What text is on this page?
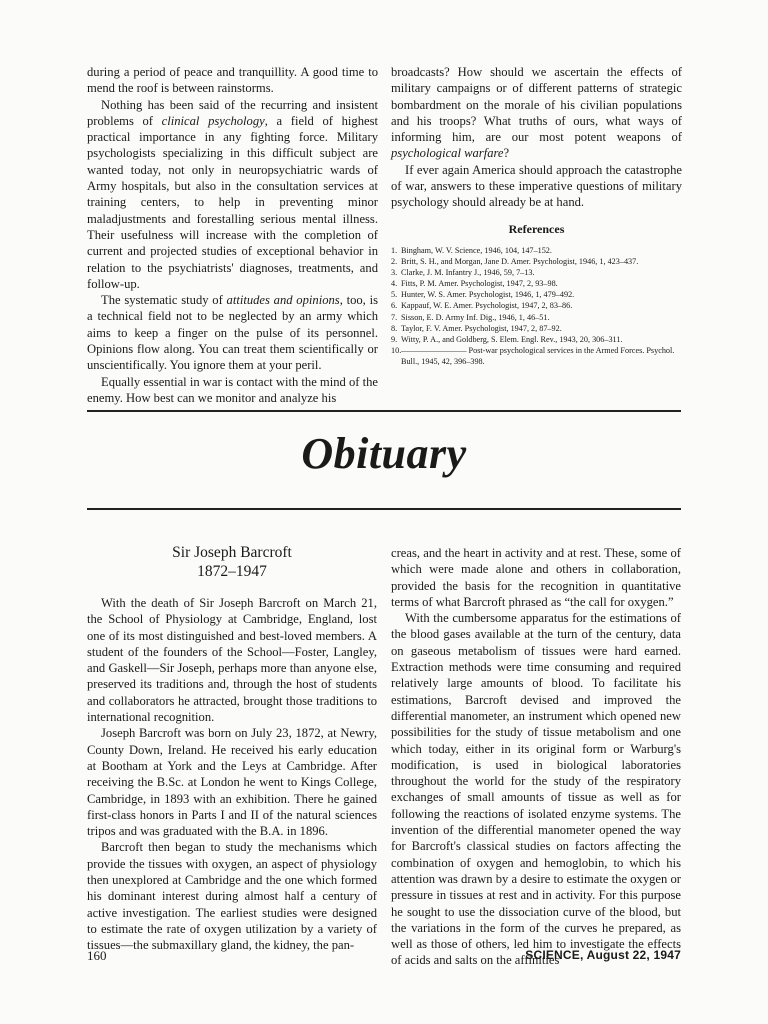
during a period of peace and tranquillity. A good time to mend the roof is between rainstorms.

Nothing has been said of the recurring and insistent problems of clinical psychology, a field of highest practical importance in any fighting force. Military psychologists specializing in this difficult subject are wanted today, not only in neuropsychiatric wards of Army hospitals, but also in the consultation services at training centers, to help in preventing minor maladjustments and forestalling serious mental illness. Their usefulness will increase with the completion of current and projected studies of exceptional behavior in relation to the psychiatrists' diagnoses, treatments, and follow-up.

The systematic study of attitudes and opinions, too, is a technical field not to be neglected by an army which aims to keep a finger on the pulse of its personnel. Opinions flow along. You can treat them scientifically or unscientifically. You ignore them at your peril.

Equally essential in war is contact with the mind of the enemy. How best can we monitor and analyze his

broadcasts? How should we ascertain the effects of military campaigns or of different patterns of strategic bombardment on the morale of his civilian populations and his troops? What truths of ours, what ways of informing him, are our most potent weapons of psychological warfare?

If ever again America should approach the catastrophe of war, answers to these imperative questions of military psychology should already be at hand.

References
1. Bingham, W. V. Science, 1946, 104, 147–152.
2. Britt, S. H., and Morgan, Jane D. Amer. Psychologist, 1946, 1, 423–437.
3. Clarke, J. M. Infantry J., 1946, 59, 7–13.
4. Fitts, P. M. Amer. Psychologist, 1947, 2, 93–98.
5. Hunter, W. S. Amer. Psychologist, 1946, 1, 479–492.
6. Kappauf, W. E. Amer. Psychologist, 1947, 2, 83–86.
7. Sisson, E. D. Army Inf. Dig., 1946, 1, 46–51.
8. Taylor, F. V. Amer. Psychologist, 1947, 2, 87–92.
9. Witty, P. A., and Goldberg, S. Elem. Engl. Rev., 1943, 20, 306–311.
10. ———————— Post-war psychological services in the Armed Forces. Psychol. Bull., 1945, 42, 396–398.
Obituary
Sir Joseph Barcroft
1872–1947

With the death of Sir Joseph Barcroft on March 21, the School of Physiology at Cambridge, England, lost one of its most distinguished and best-loved members. A student of the founders of the School—Foster, Langley, and Gaskell—Sir Joseph, perhaps more than anyone else, preserved its traditions and, through the host of students and collaborators he attracted, brought those traditions to international recognition.

Joseph Barcroft was born on July 23, 1872, at Newry, County Down, Ireland. He received his early education at Bootham at York and the Leys at Cambridge. After receiving the B.Sc. at London he went to Kings College, Cambridge, in 1893 with an exhibition. There he gained first-class honors in Parts I and II of the natural sciences tripos and was graduated with the B.A. in 1896.

Barcroft then began to study the mechanisms which provide the tissues with oxygen, an aspect of physiology then unexplored at Cambridge and the one which formed his dominant interest during almost half a century of active investigation. The earliest studies were designed to estimate the rate of oxygen utilization by a variety of tissues—the submaxillary gland, the kidney, the pan-

creas, and the heart in activity and at rest. These, some of which were made alone and others in collaboration, provided the basis for the recognition in quantitative terms of what Barcroft phrased as “the call for oxygen.”

With the cumbersome apparatus for the estimations of the blood gases available at the turn of the century, data on gaseous metabolism of tissues were hard earned. Extraction methods were time consuming and required relatively large amounts of blood. To facilitate his estimations, Barcroft devised and improved the differential manometer, an instrument which opened new possibilities for the study of tissue metabolism and one which today, either in its original form or Warburg's modification, is used in biological laboratories throughout the world for the study of the respiratory exchanges of small amounts of tissue as well as for following the reactions of isolated enzyme systems. The invention of the differential manometer opened the way for Barcroft's classical studies on factors affecting the combination of oxygen and hemoglobin, to which his attention was drawn by a desire to estimate the oxygen or pressure in tissues at rest and in activity. For this purpose he sought to use the dissociation curve of the blood, but the variations in the form of the curves he prepared, as well as those of others, led him to investigate the effects of acids and salts on the affinities

160	SCIENCE, August 22, 1947
